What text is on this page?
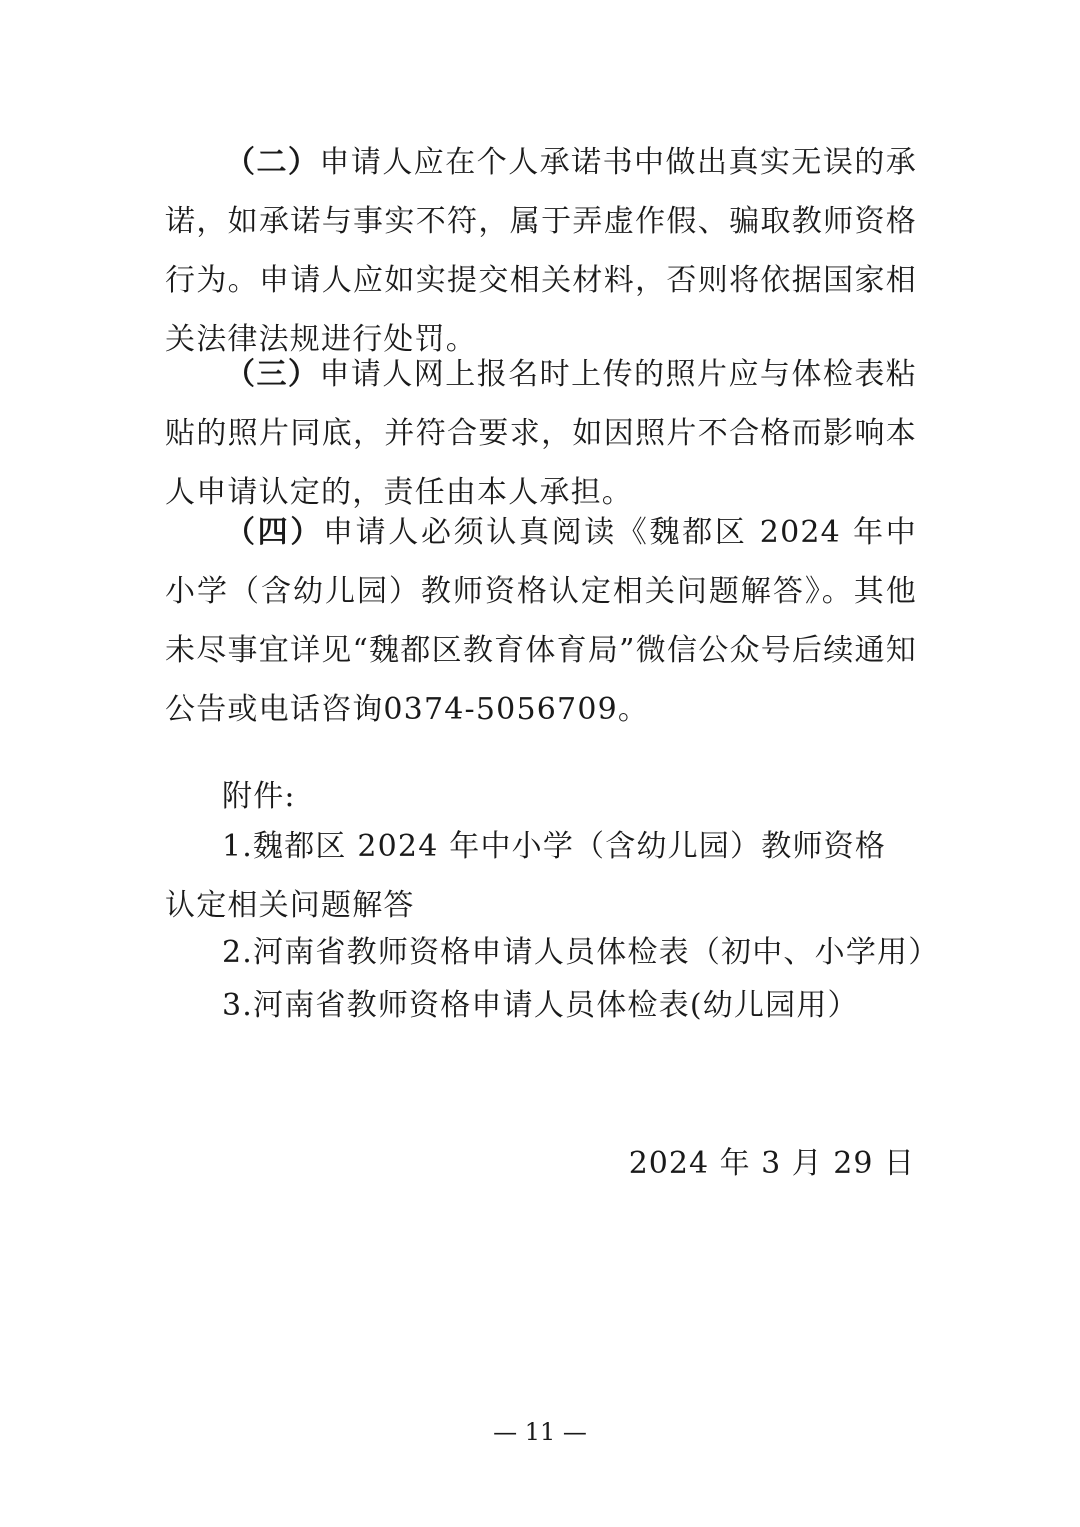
（二）申请人应在个人承诺书中做出真实无误的承诺，如承诺与事实不符，属于弄虚作假、骗取教师资格行为。申请人应如实提交相关材料，否则将依据国家相关法律法规进行处罚。

（三）申请人网上报名时上传的照片应与体检表粘贴的照片同底，并符合要求，如因照片不合格而影响本人申请认定的，责任由本人承担。

（四）申请人必须认真阅读《魏都区 2024 年中小学（含幼儿园）教师资格认定相关问题解答》。其他未尽事宜详见“魏都区教育体育局”微信公众号后续通知公告或电话咨询0374-5056709。

附件:

1.魏都区 2024 年中小学（含幼儿园）教师资格认定相关问题解答

2.河南省教师资格申请人员体检表（初中、小学用）

3.河南省教师资格申请人员体检表(幼儿园用）

2024 年 3 月 29 日
— 11 —
